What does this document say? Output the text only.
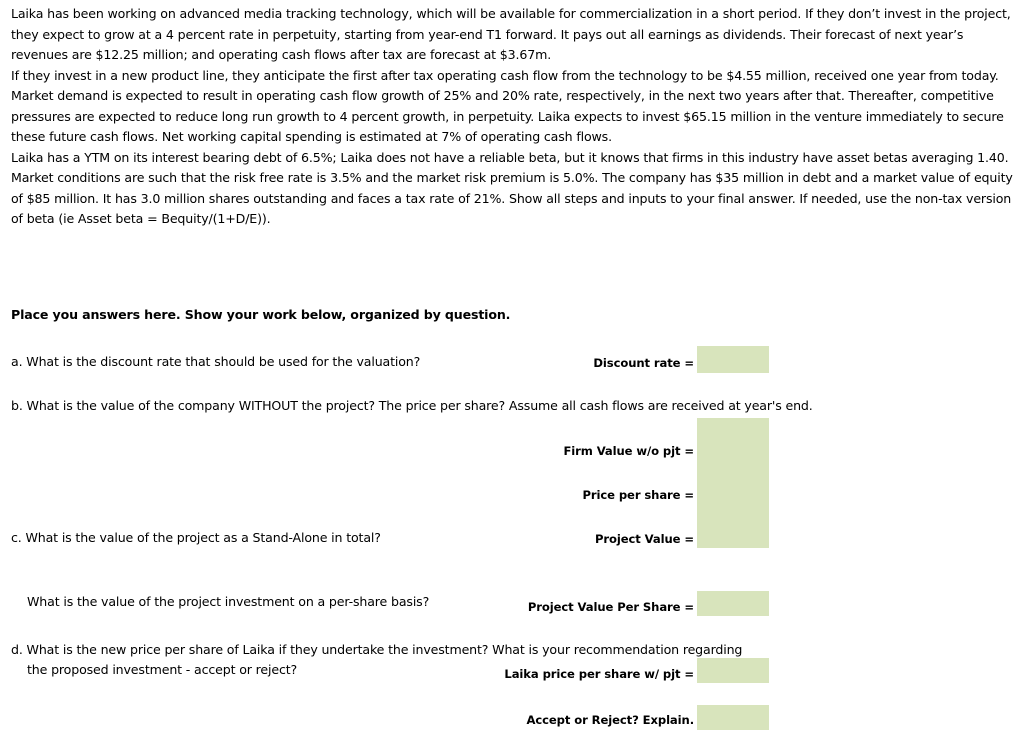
Laika has been working on advanced media tracking technology, which will be available for commercialization in a short period. If they don’t invest in the project, they expect to grow at a 4 percent rate in perpetuity, starting from year-end T1 forward. It pays out all earnings as dividends. Their forecast of next year’s revenues are $12.25 million; and operating cash flows after tax are forecast at $3.67m.

If they invest in a new product line, they anticipate the first after tax operating cash flow from the technology to be $4.55 million, received one year from today. Market demand is expected to result in operating cash flow growth of 25% and 20% rate, respectively, in the next two years after that. Thereafter, competitive pressures are expected to reduce long run growth to 4 percent growth, in perpetuity. Laika expects to invest $65.15 million in the venture immediately to secure these future cash flows. Net working capital spending is estimated at 7% of operating cash flows.

Laika has a YTM on its interest bearing debt of 6.5%; Laika does not have a reliable beta, but it knows that firms in this industry have asset betas averaging 1.40. Market conditions are such that the risk free rate is 3.5% and the market risk premium is 5.0%. The company has $35 million in debt and a market value of equity of $85 million. It has 3.0 million shares outstanding and faces a tax rate of 21%. Show all steps and inputs to your final answer. If needed, use the non-tax version of beta (ie Asset beta = Bequity/(1+D/E)).

Place you answers here. Show your work below, organized by question.
a. What is the discount rate that should be used for the valuation?	Discount rate =
b. What is the value of the company WITHOUT the project? The price per share? Assume all cash flows are received at year's end.
Firm Value w/o pjt =
Price per share =
c. What is the value of the project as a Stand-Alone in total?	Project Value =
What is the value of the project investment on a per-share basis?	Project Value Per Share =
d. What is the new price per share of Laika if they undertake the investment? What is your recommendation regarding
the proposed investment - accept or reject?	Laika price per share w/ pjt =
Accept or Reject? Explain.
